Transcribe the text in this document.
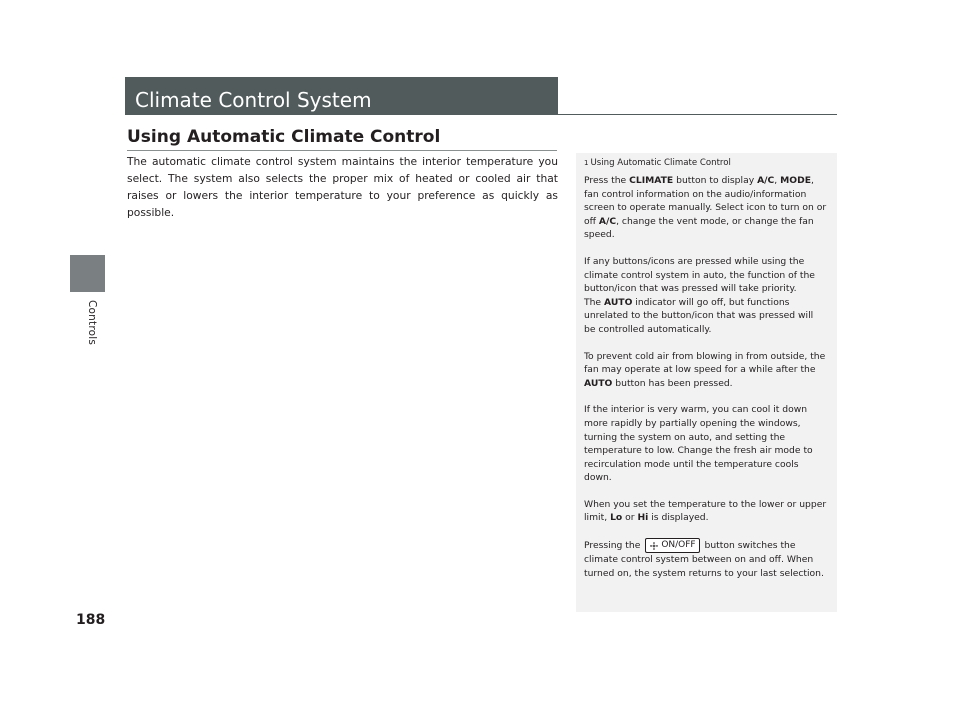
Controls
188
Climate Control System
Using Automatic Climate Control
The automatic climate control system maintains the interior temperature you select. The system also selects the proper mix of heated or cooled air that raises or lowers the interior temperature to your preference as quickly as possible.
1 Using Automatic Climate Control

Press the CLIMATE button to display A/C, MODE, fan control information on the audio/information screen to operate manually. Select icon to turn on or off A/C, change the vent mode, or change the fan speed.

If any buttons/icons are pressed while using the climate control system in auto, the function of the button/icon that was pressed will take priority.
The AUTO indicator will go off, but functions unrelated to the button/icon that was pressed will be controlled automatically.

To prevent cold air from blowing in from outside, the fan may operate at low speed for a while after the AUTO button has been pressed.

If the interior is very warm, you can cool it down more rapidly by partially opening the windows, turning the system on auto, and setting the temperature to low. Change the fresh air mode to recirculation mode until the temperature cools down.

When you set the temperature to the lower or upper limit, Lo or Hi is displayed.

Pressing the ON/OFF button switches the climate control system between on and off. When turned on, the system returns to your last selection.
